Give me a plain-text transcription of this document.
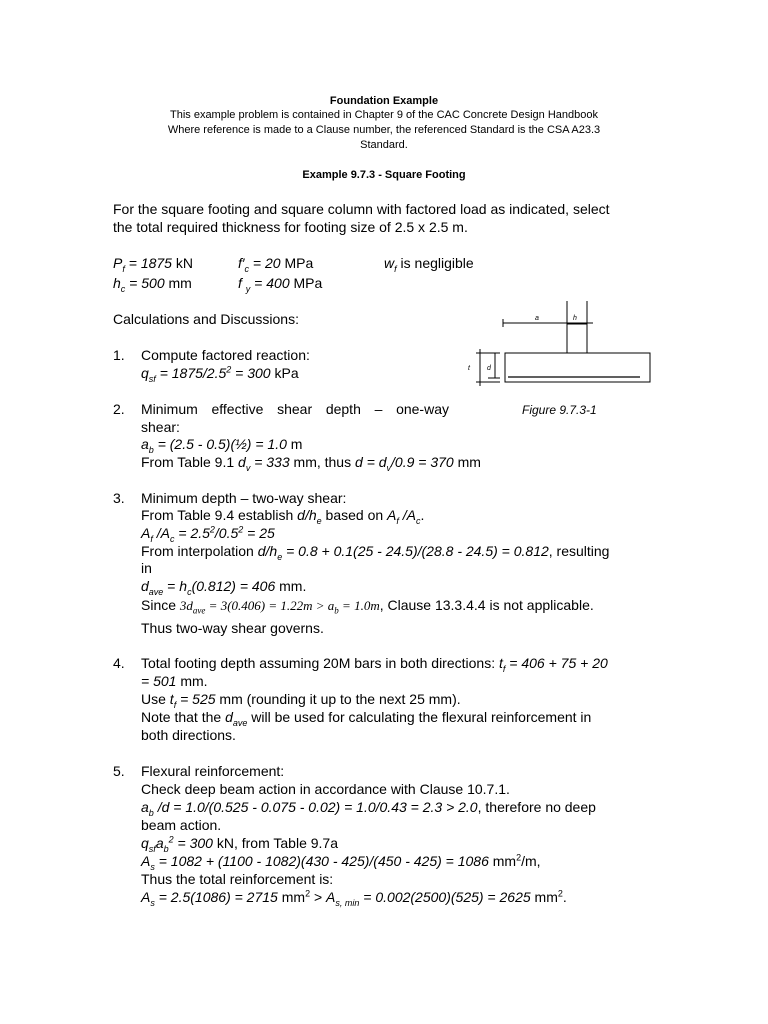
Foundation Example
This example problem is contained in Chapter 9 of the CAC Concrete Design Handbook
Where reference is made to a Clause number, the referenced Standard is the CSA A23.3
Standard.
Example 9.7.3 - Square Footing
For the square footing and square column with factored load as indicated, select
the total required thickness for footing size of 2.5 x 2.5 m.
$P_f = 1875$ kN	$f'_c = 20$ MPa	$w_f$ is negligible
$h_c = 500$ mm	f $_y$ = 400 MPa
Calculations and Discussions:	a	h
t d
Figure 9.7.3-1
1. Compute factored reaction:
$q_{sf} = 1875/2.5^2 = 300$ kPa
2. Minimum effective shear depth – one-way
shear:
$a_b = (2.5$ - 0.5)(½) = 1.0 m
From Table 9.1 $d_v = 333$ mm, thus $d = d_v/0.9 = 370$ mm
3. Minimum depth – two-way shear:
From Table 9.4 establish $d/h_e$ based on $A_f$ $/A_c$.
$A_f$ $/A_c = 2.5^2/0.5^2 = 25$
From interpolation $d/h_e = 0.8 + 0.1(25 - 24.5)/(28.8 - 24.5) = 0.812$, resulting
in
$d_{ave} = h_c(0.812) = 406$ mm.
Since $3d_{ave} = 3(0.406) = 1.22m > a_b = 1.0m$, Clause 13.3.4.4 is not applicable.
Thus two-way shear governs.
4. Total footing depth assuming 20M bars in both directions: $t_f = 406 + 75 + 20$
= 501 mm.
Use $t_f = 525$ mm (rounding it up to the next 25 mm).
Note that the $d_{ave}$ will be used for calculating the flexural reinforcement in
both directions.
5. Flexural reinforcement:
Check deep beam action in accordance with Clause 10.7.1.
$a_b$ /d = 1.0/(0.525 - 0.075 - 0.02) = 1.0/0.43 = 2.3 > 2.0, therefore no deep
beam action.
$q_{sf}a_b^2 = 300$ kN, from Table 9.7a
$A_s = 1082 + (1100 - 1082)(430 - 425)/(450 - 425) = 1086$ $mm^2/m$,
Thus the total reinforcement is:
$A_s = 2.5(1086) = 2715$ $mm^2 > A_{s, min} = 0.002(2500)(525) = 2625$ $mm^2$.
